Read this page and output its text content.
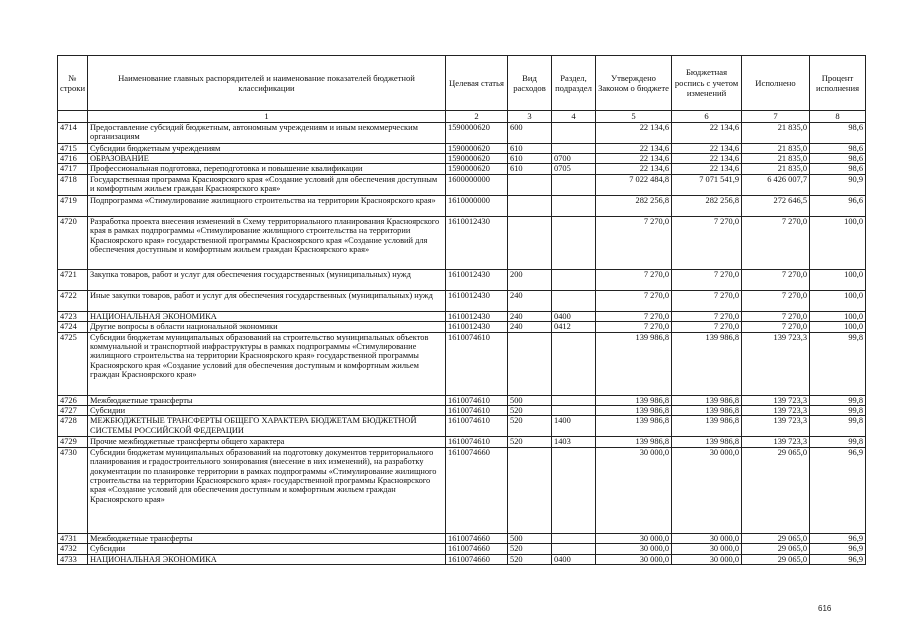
№ строки	Наименование главных распорядителей и наименование показателей бюджетной классификации	Целевая статья	Вид расходов	Раздел, подраздел	Утверждено Законом о бюджете	Бюджетная роспись с учетом изменений	Исполнено	Процент исполнения
	1	2	3	4	5	6	7	8
4714	Предоставление субсидий бюджетным, автономным учреждениям и иным некоммерческим организациям	1590000620	600		22 134,6	22 134,6	21 835,0	98,6
4715	Субсидии бюджетным учреждениям	1590000620	610		22 134,6	22 134,6	21 835,0	98,6
4716	ОБРАЗОВАНИЕ	1590000620	610	0700	22 134,6	22 134,6	21 835,0	98,6
4717	Профессиональная подготовка, переподготовка и повышение квалификации	1590000620	610	0705	22 134,6	22 134,6	21 835,0	98,6
4718	Государственная программа Красноярского края «Создание условий для обеспечения доступным и комфортным жильем граждан Красноярского края»	1600000000			7 022 484,8	7 071 541,9	6 426 007,7	90,9
4719	Подпрограмма «Стимулирование жилищного строительства на территории Красноярского края»	1610000000			282 256,8	282 256,8	272 646,5	96,6
4720	Разработка проекта внесения изменений в Схему территориального планирования Красноярского края в рамках подпрограммы «Стимулирование жилищного строительства на территории Красноярского края» государственной программы Красноярского края «Создание условий для обеспечения доступным и комфортным жильем граждан Красноярского края»	1610012430			7 270,0	7 270,0	7 270,0	100,0
4721	Закупка товаров, работ и услуг для обеспечения государственных (муниципальных) нужд	1610012430	200		7 270,0	7 270,0	7 270,0	100,0
4722	Иные закупки товаров, работ и услуг для обеспечения государственных (муниципальных) нужд	1610012430	240		7 270,0	7 270,0	7 270,0	100,0
4723	НАЦИОНАЛЬНАЯ ЭКОНОМИКА	1610012430	240	0400	7 270,0	7 270,0	7 270,0	100,0
4724	Другие вопросы в области национальной экономики	1610012430	240	0412	7 270,0	7 270,0	7 270,0	100,0
4725	Субсидии бюджетам муниципальных образований на строительство муниципальных объектов коммунальной и транспортной инфраструктуры в рамках подпрограммы «Стимулирование жилищного строительства на территории Красноярского края» государственной программы Красноярского края «Создание условий для обеспечения доступным и комфортным жильем граждан Красноярского края»	1610074610			139 986,8	139 986,8	139 723,3	99,8
4726	Межбюджетные трансферты	1610074610	500		139 986,8	139 986,8	139 723,3	99,8
4727	Субсидии	1610074610	520		139 986,8	139 986,8	139 723,3	99,8
4728	МЕЖБЮДЖЕТНЫЕ ТРАНСФЕРТЫ ОБЩЕГО ХАРАКТЕРА БЮДЖЕТАМ БЮДЖЕТНОЙ СИСТЕМЫ РОССИЙСКОЙ ФЕДЕРАЦИИ	1610074610	520	1400	139 986,8	139 986,8	139 723,3	99,8
4729	Прочие межбюджетные трансферты общего характера	1610074610	520	1403	139 986,8	139 986,8	139 723,3	99,8
4730	Субсидии бюджетам муниципальных образований на подготовку документов территориального планирования и градостроительного зонирования (внесение в них изменений), на разработку документации по планировке территории в рамках подпрограммы «Стимулирование жилищного строительства на территории Красноярского края» государственной программы Красноярского края «Создание условий для обеспечения доступным и комфортным жильем граждан Красноярского края»	1610074660			30 000,0	30 000,0	29 065,0	96,9
4731	Межбюджетные трансферты	1610074660	500		30 000,0	30 000,0	29 065,0	96,9
4732	Субсидии	1610074660	520		30 000,0	30 000,0	29 065,0	96,9
4733	НАЦИОНАЛЬНАЯ ЭКОНОМИКА	1610074660	520	0400	30 000,0	30 000,0	29 065,0	96,9
616
